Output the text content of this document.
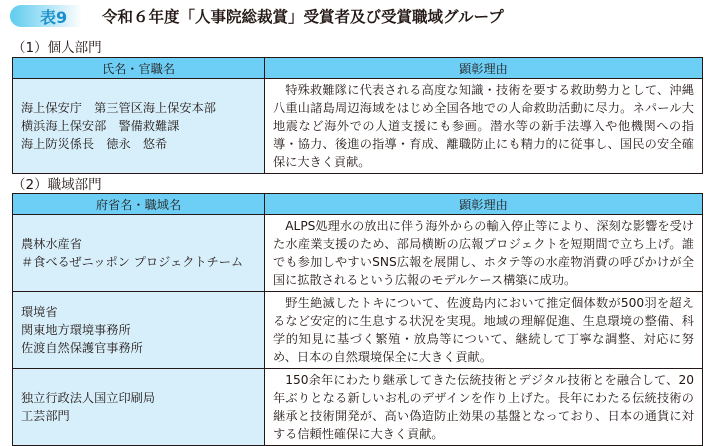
表9	令和６年度「人事院総裁賞」受賞者及び受賞職域グループ
（1）個人部門
氏名・官職名	顕彰理由

海上保安庁　第三管区海上保安本部
横浜海上保安部　警備救難課
海上防災係長　徳永　悠希	特殊救難隊に代表される高度な知識・技術を要する救助勢力として、沖縄八重山諸島周辺海域をはじめ全国各地での人命救助活動に尽力。ネパール大地震など海外での人道支援にも参画。潜水等の新手法導入や他機関への指導・協力、後進の指導・育成、離職防止にも精力的に従事し、国民の安全確保に大きく貢献。
（2）職域部門
府省名・職域名	顕彰理由

農林水産省
＃食べるぜニッポン プロジェクトチーム	ALPS処理水の放出に伴う海外からの輸入停止等により、深刻な影響を受けた水産業支援のため、部局横断の広報プロジェクトを短期間で立ち上げ。誰でも参加しやすいSNS広報を展開し、ホタテ等の水産物消費の呼びかけが全国に拡散されるという広報のモデルケース構築に成功。

環境省
関東地方環境事務所
佐渡自然保護官事務所	野生絶滅したトキについて、佐渡島内において推定個体数が500羽を超えるなど安定的に生息する状況を実現。地域の理解促進、生息環境の整備、科学的知見に基づく繁殖・放鳥等について、継続して丁寧な調整、対応に努め、日本の自然環境保全に大きく貢献。

独立行政法人国立印刷局
工芸部門	150余年にわたり継承してきた伝統技術とデジタル技術とを融合して、20年ぶりとなる新しいお札のデザインを作り上げた。長年にわたる伝統技術の継承と技術開発が、高い偽造防止効果の基盤となっており、日本の通貨に対する信頼性確保に大きく貢献。
